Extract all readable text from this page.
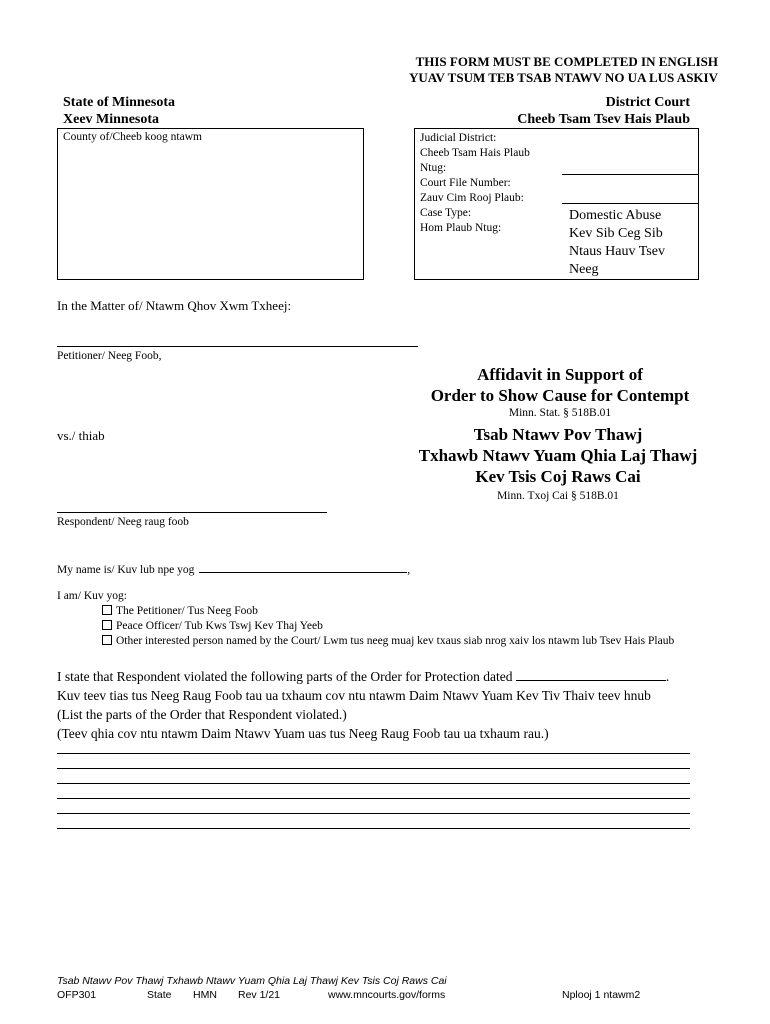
THIS FORM MUST BE COMPLETED IN ENGLISH
YUAV TSUM TEB TSAB NTAWV NO UA LUS ASKIV
State of Minnesota
Xeev Minnesota
District Court
Cheeb Tsam Tsev Hais Plaub
County of/Cheeb koog ntawm	Judicial District:
Cheeb Tsam Hais Plaub
Ntug:
Court File Number:
Zauv Cim Rooj Plaub:
Case Type:
Hom Plaub Ntug:
Domestic Abuse
Kev Sib Ceg Sib
Ntaus Hauv Tsev
Neeg
In the Matter of/ Ntawm Qhov Xwm Txheej:
Petitioner/ Neeg Foob,
vs./ thiab
Respondent/ Neeg raug foob
Affidavit in Support of
Order to Show Cause for Contempt
Minn. Stat. § 518B.01
Tsab Ntawv Pov Thawj
Txhawb Ntawv Yuam Qhia Laj Thawj
Kev Tsis Coj Raws Cai
Minn. Txoj Cai § 518B.01
My name is/ Kuv lub npe yog	,
I am/ Kuv yog:
The Petitioner/ Tus Neeg Foob
Peace Officer/ Tub Kws Tswj Kev Thaj Yeeb
Other interested person named by the Court/ Lwm tus neeg muaj kev txaus siab nrog xaiv los ntawm lub Tsev Hais Plaub
I state that Respondent violated the following parts of the Order for Protection dated	.
Kuv teev tias tus Neeg Raug Foob tau ua txhaum cov ntu ntawm Daim Ntawv Yuam Kev Tiv Thaiv teev hnub
(List the parts of the Order that Respondent violated.)
(Teev qhia cov ntu ntawm Daim Ntawv Yuam uas tus Neeg Raug Foob tau ua txhaum rau.)
Tsab Ntawv Pov Thawj Txhawb Ntawv Yuam Qhia Laj Thawj Kev Tsis Coj Raws Cai
OFP301	State HMN Rev 1/21	www.mncourts.gov/forms	Nplooj 1 ntawm2
